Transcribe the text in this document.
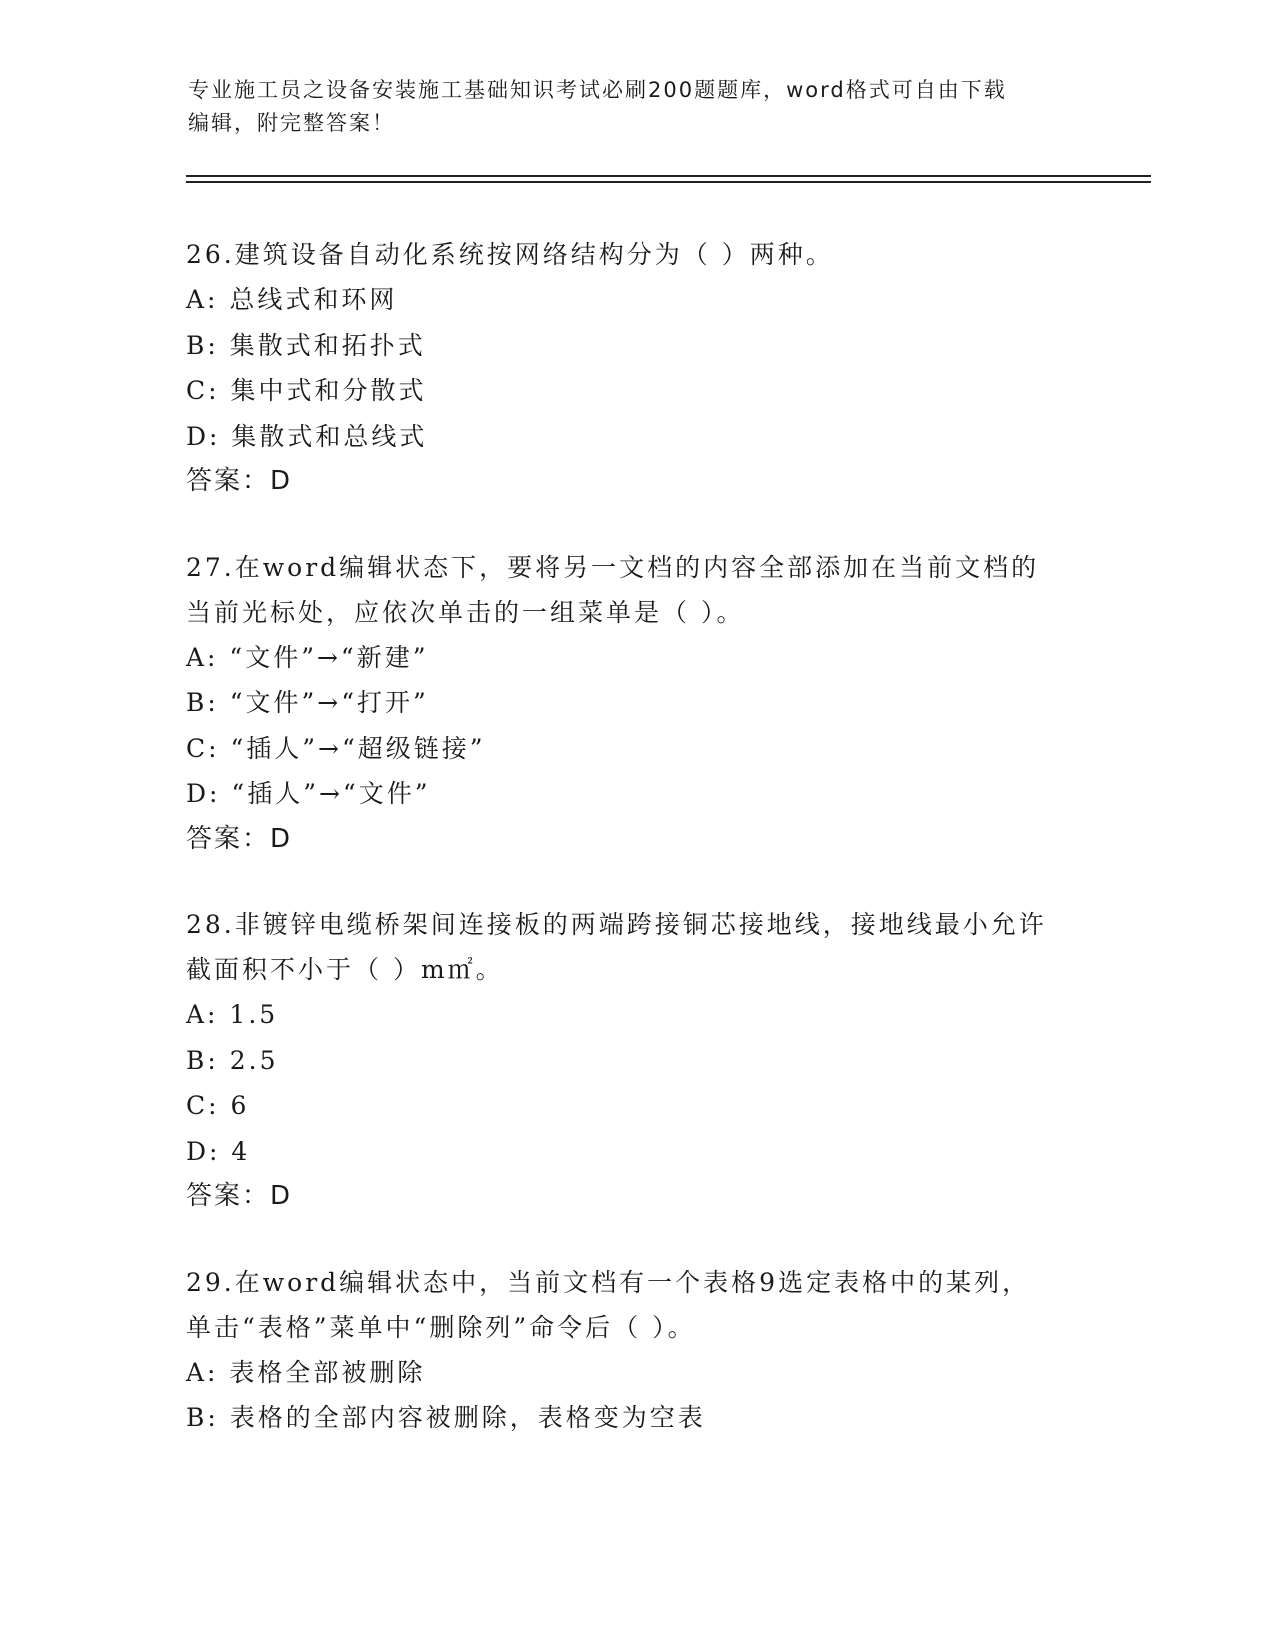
专业施工员之设备安装施工基础知识考试必刷200题题库，word格式可自由下载
编辑，附完整答案！

26.建筑设备自动化系统按网络结构分为（ ）两种。

A: 总线式和环网

B: 集散式和拓扑式

C: 集中式和分散式

D: 集散式和总线式

答案：D

27.在word编辑状态下，要将另一文档的内容全部添加在当前文档的

当前光标处，应依次单击的一组菜单是（ ）。

A: “文件”→“新建”

B: “文件”→“打开”

C: “插人”→“超级链接”

D: “插人”→“文件”

答案：D

28.非镀锌电缆桥架间连接板的两端跨接铜芯接地线，接地线最小允许

截面积不小于（ ）m㎡。

A: 1.5

B: 2.5

C: 6

D: 4

答案：D

29.在word编辑状态中，当前文档有一个表格9选定表格中的某列，

单击“表格”菜单中“删除列”命令后（ ）。

A: 表格全部被删除

B: 表格的全部内容被删除，表格变为空表
